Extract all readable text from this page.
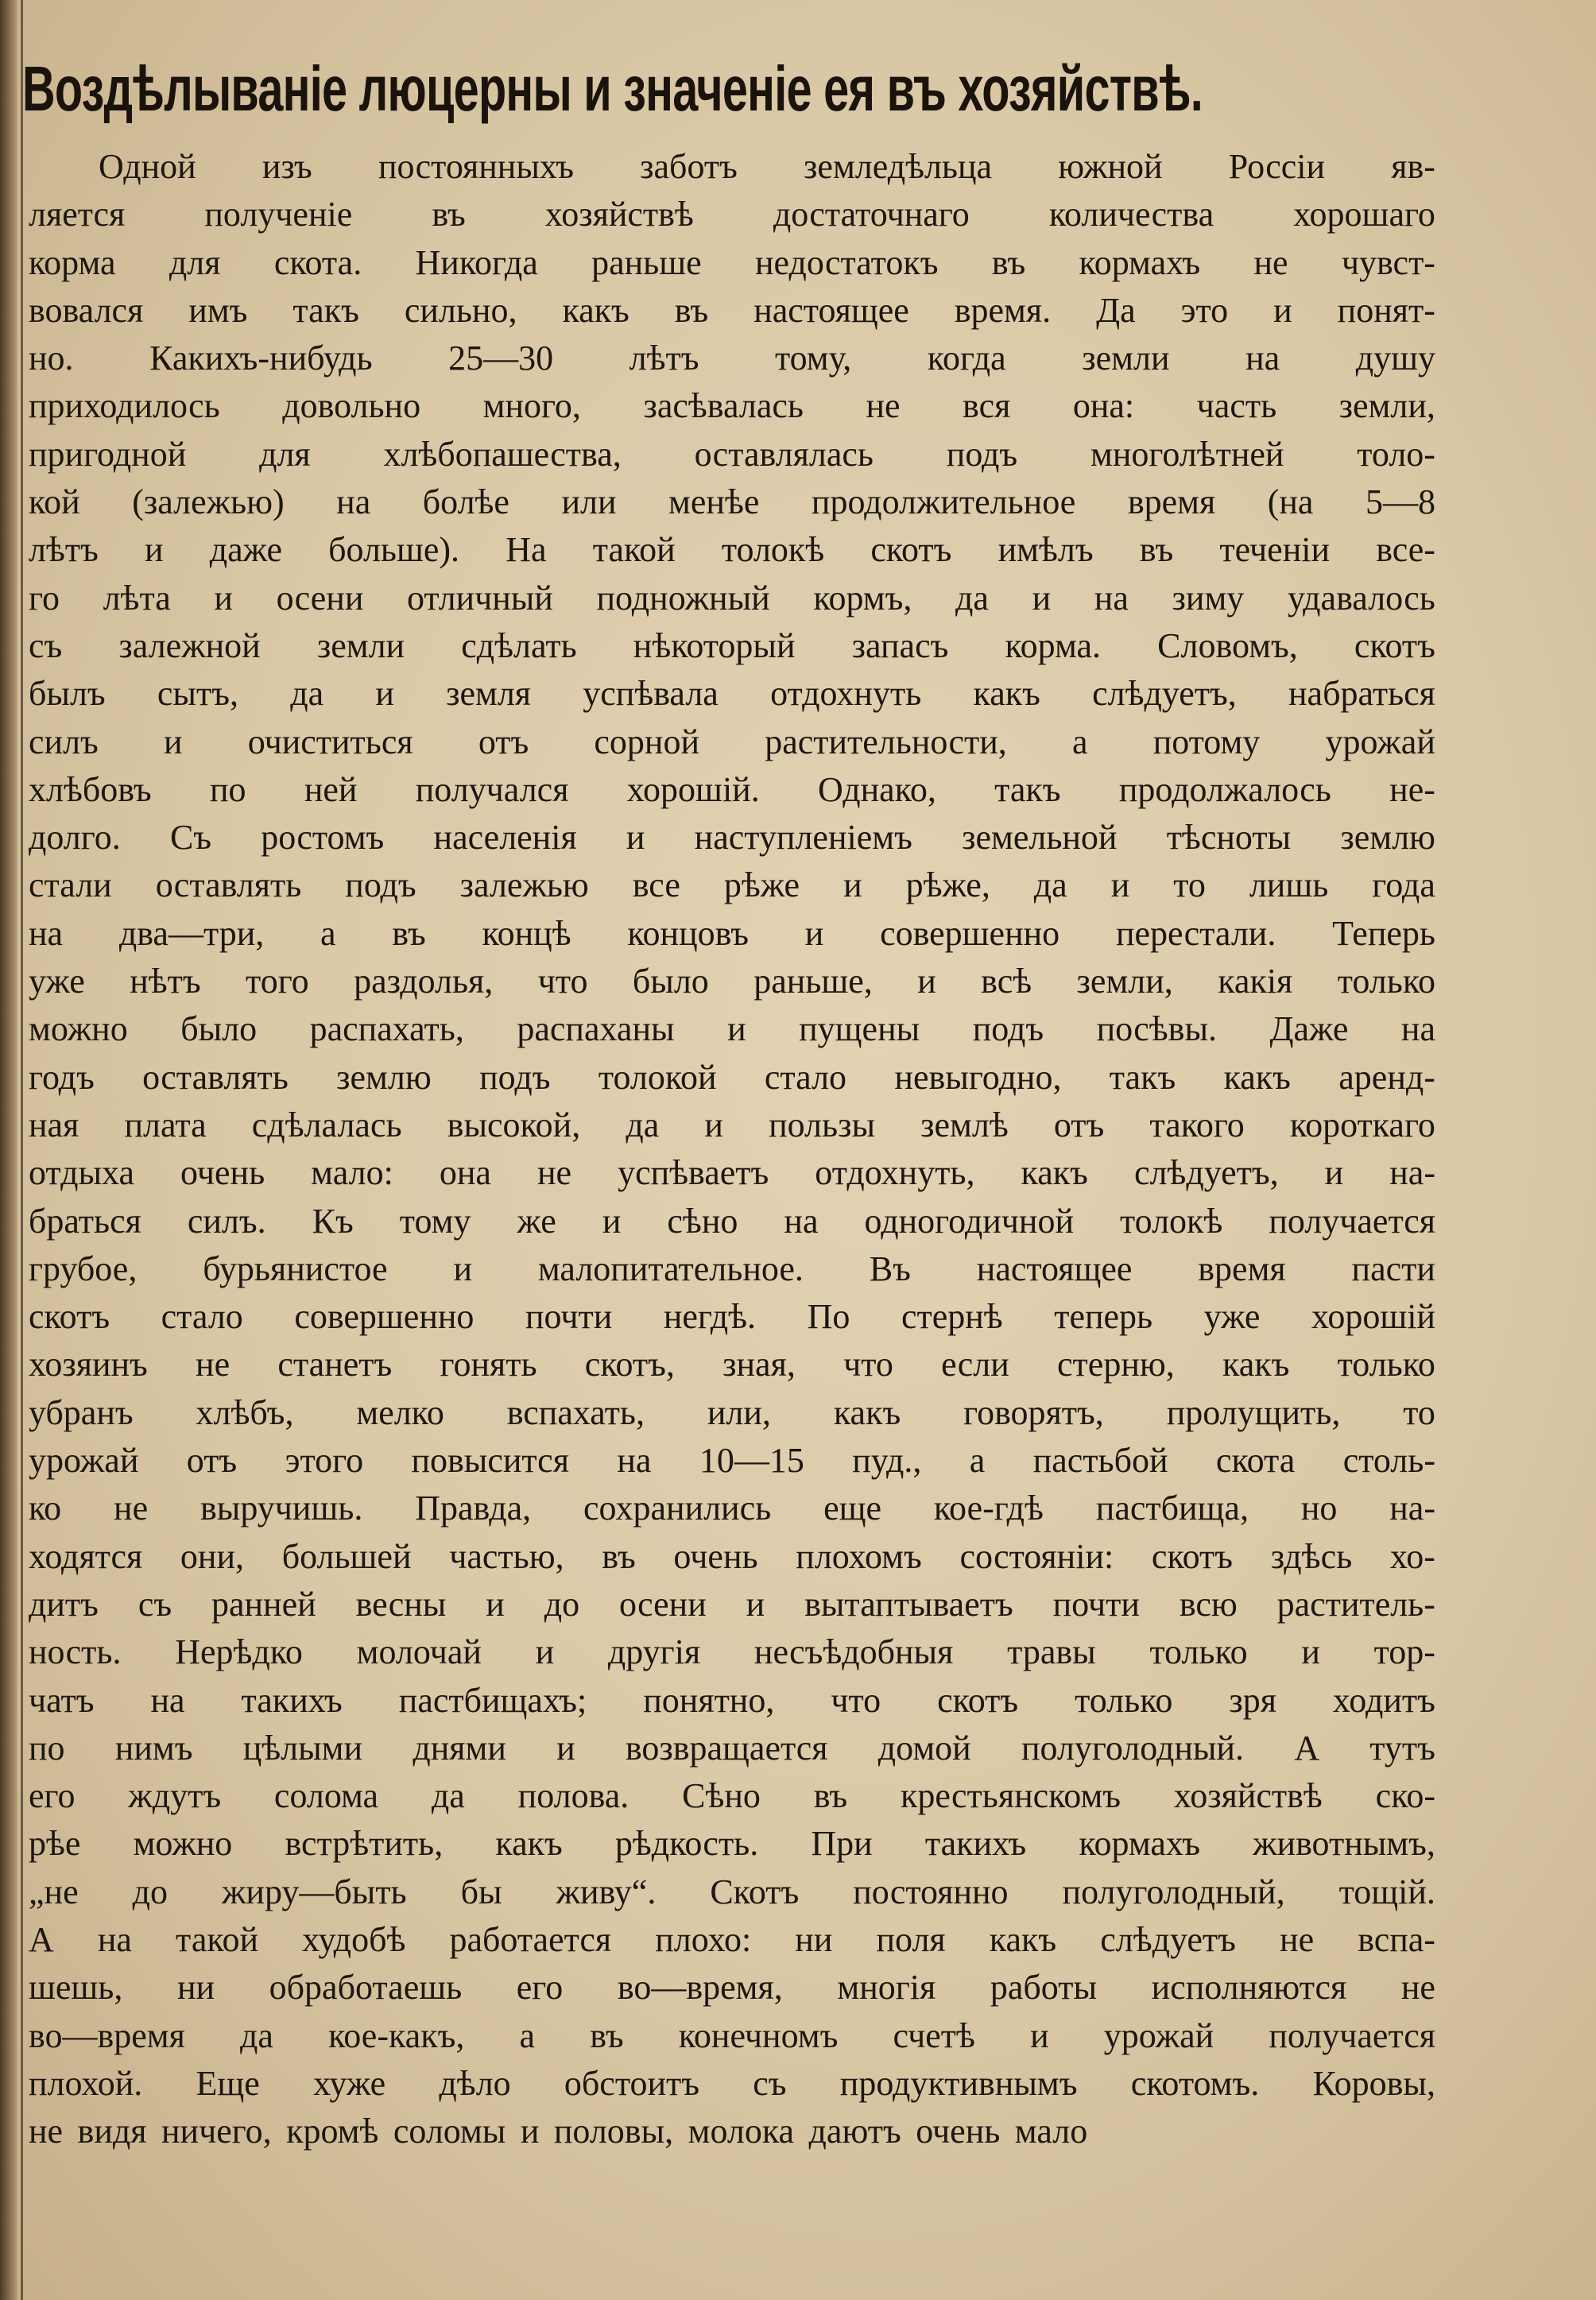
Воздѣлываніе люцерны и значеніе ея въ хозяйствѣ.
Одной изъ постоянныхъ заботъ земледѣльца южной Россіи яв-
ляется полученіе въ хозяйствѣ достаточнаго количества хорошаго
корма для скота. Никогда раньше недостатокъ въ кормахъ не чувст-
вовался имъ такъ сильно, какъ въ настоящее время. Да это и понят-
но. Какихъ-нибудь 25—30 лѣтъ тому, когда земли на душу
приходилось довольно много, засѣвалась не вся она: часть земли,
пригодной для хлѣбопашества, оставлялась подъ многолѣтней толо-
кой (залежью) на болѣе или менѣе продолжительное время (на 5—8
лѣтъ и даже больше). На такой толокѣ скотъ имѣлъ въ теченіи все-
го лѣта и осени отличный подножный кормъ, да и на зиму удавалось
съ залежной земли сдѣлать нѣкоторый запасъ корма. Словомъ, скотъ
былъ сытъ, да и земля успѣвала отдохнуть какъ слѣдуетъ, набраться
силъ и очиститься отъ сорной растительности, а потому урожай
хлѣбовъ по ней получался хорошій. Однако, такъ продолжалось не-
долго. Съ ростомъ населенія и наступленіемъ земельной тѣсноты землю
стали оставлять подъ залежью все рѣже и рѣже, да и то лишь года
на два—три, а въ концѣ концовъ и совершенно перестали. Теперь
уже нѣтъ того раздолья, что было раньше, и всѣ земли, какія только
можно было распахать, распаханы и пущены подъ посѣвы. Даже на
годъ оставлять землю подъ толокой стало невыгодно, такъ какъ аренд-
ная плата сдѣлалась высокой, да и пользы землѣ отъ такого короткаго
отдыха очень мало: она не успѣваетъ отдохнуть, какъ слѣдуетъ, и на-
браться силъ. Къ тому же и сѣно на одногодичной толокѣ получается
грубое, бурьянистое и малопитательное. Въ настоящее время пасти
скотъ стало совершенно почти негдѣ. По стернѣ теперь уже хорошій
хозяинъ не станетъ гонять скотъ, зная, что если стерню, какъ только
убранъ хлѣбъ, мелко вспахать, или, какъ говорятъ, пролущить, то
урожай отъ этого повысится на 10—15 пуд., а пастьбой скота столь-
ко не выручишь. Правда, сохранились еще кое-гдѣ пастбища, но на-
ходятся они, большей частью, въ очень плохомъ состояніи: скотъ здѣсь хо-
дитъ съ ранней весны и до осени и вытаптываетъ почти всю раститель-
ность. Нерѣдко молочай и другія несъѣдобныя травы только и тор-
чатъ на такихъ пастбищахъ; понятно, что скотъ только зря ходитъ
по нимъ цѣлыми днями и возвращается домой полуголодный. А тутъ
его ждутъ солома да полова. Сѣно въ крестьянскомъ хозяйствѣ ско-
рѣе можно встрѣтить, какъ рѣдкость. При такихъ кормахъ животнымъ,
„не до жиру—быть бы живу“. Скотъ постоянно полуголодный, тощій.
А на такой худобѣ работается плохо: ни поля какъ слѣдуетъ не вспа-
шешь, ни обработаешь его во—время, многія работы исполняются не
во—время да кое-какъ, а въ конечномъ счетѣ и урожай получается
плохой. Еще хуже дѣло обстоитъ съ продуктивнымъ скотомъ. Коровы,
не видя ничего, кромѣ соломы и половы, молока даютъ очень мало
